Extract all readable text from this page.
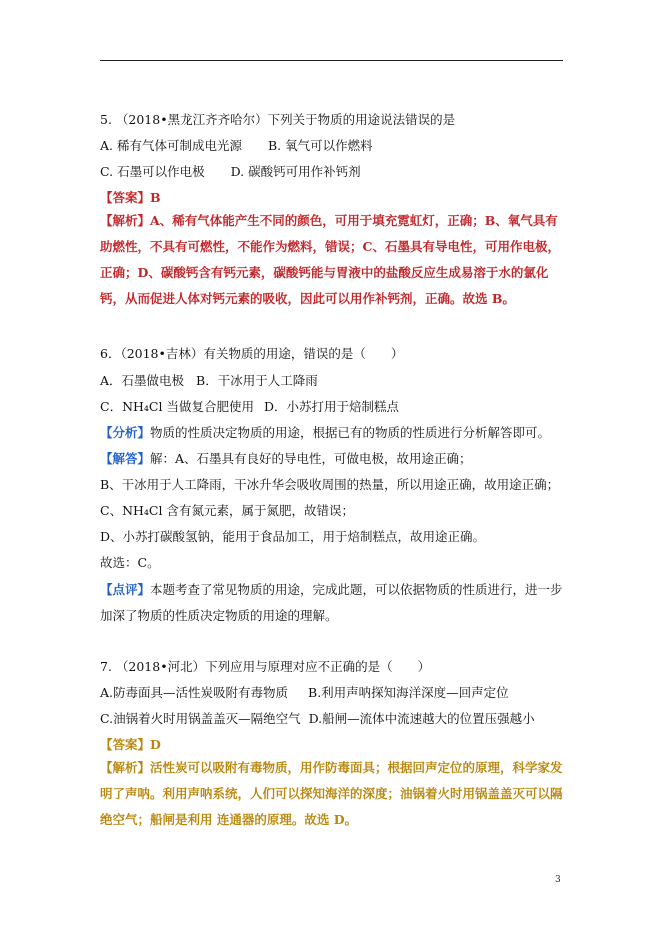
5. （2018•黑龙江齐齐哈尔）下列关于物质的用途说法错误的是
A. 稀有气体可制成电光源 B. 氧气可以作燃料
C. 石墨可以作电极 D. 碳酸钙可用作补钙剂
【答案】B
【解析】A、稀有气体能产生不同的颜色，可用于填充霓虹灯，正确；B、氧气具有助燃性，不具有可燃性，不能作为燃料，错误；C、石墨具有导电性，可用作电极，正确；D、碳酸钙含有钙元素，碳酸钙能与胃液中的盐酸反应生成易溶于水的氯化钙，从而促进人体对钙元素的吸收，因此可以用作补钙剂，正确。故选 B。
6．（2018•吉林）有关物质的用途，错误的是（　　）
A．石墨做电极 B．干冰用于人工降雨
C．NH₄Cl 当做复合肥使用 D．小苏打用于焙制糕点
【分析】物质的性质决定物质的用途，根据已有的物质的性质进行分析解答即可。
【解答】解：A、石墨具有良好的导电性，可做电极，故用途正确；
B、干冰用于人工降雨，干冰升华会吸收周围的热量，所以用途正确，故用途正确；
C、NH₄Cl 含有氮元素，属于氮肥，故错误；
D、小苏打碳酸氢钠，能用于食品加工，用于焙制糕点，故用途正确。
故选：C。
【点评】本题考查了常见物质的用途，完成此题，可以依据物质的性质进行，进一步加深了物质的性质决定物质的用途的理解。
7. （2018•河北）下列应用与原理对应不正确的是（　　）
A.防毒面具—活性炭吸附有毒物质 B.利用声呐探知海洋深度—回声定位
C.油锅着火时用锅盖盖灭—隔绝空气 D.船闸—流体中流速越大的位置压强越小
【答案】D
【解析】活性炭可以吸附有毒物质，用作防毒面具；根据回声定位的原理，科学家发明了声呐。利用声呐系统，人们可以探知海洋的深度；油锅着火时用锅盖盖灭可以隔绝空气；船闸是利用 连通器的原理。故选 D。
3
